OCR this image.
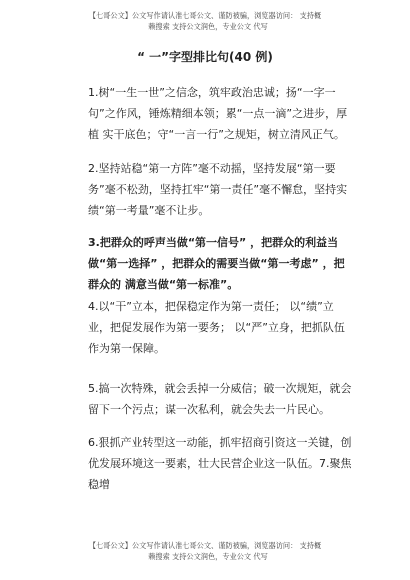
【七哥公文】公文写作请认准七哥公文、谨防被骗，浏览器访问： 支持概
赖搜索 支持公文润色，专业公文 代写
“ 一”字型排比句(40 例)
1.树“一生一世”之信念，筑牢政治忠诚；扬“一字一句”之作风，锤炼精细本领；累“一点一滴”之进步，厚植 实干底色；守“一言一行”之规矩，树立清风正气。
2.坚持站稳“第一方阵”毫不动摇，坚持发展“第一要务”毫不松劲，坚持扛牢“第一责任”毫不懈怠，坚持实绩“第一考量”毫不让步。
3.把群众的呼声当做“第一信号” ，把群众的利益当做“第一选择” ，把群众的需要当做“第一考虑” ，把群众的 满意当做“第一标准”。
4.以“干”立本，把保稳定作为第一责任； 以“绩”立业，把促发展作为第一要务； 以“严”立身，把抓队伍作为第一保障。
5.搞一次特殊，就会丢掉一分威信；破一次规矩，就会留下一个污点；谋一次私利，就会失去一片民心。
6.狠抓产业转型这一动能，抓牢招商引资这一关键，创优发展环境这一要素，壮大民营企业这一队伍。7.聚焦稳增
【七哥公文】公文写作请认准七哥公文、谨防被骗，浏览器访问： 支持概
赖搜索 支持公文润色，专业公文 代写
